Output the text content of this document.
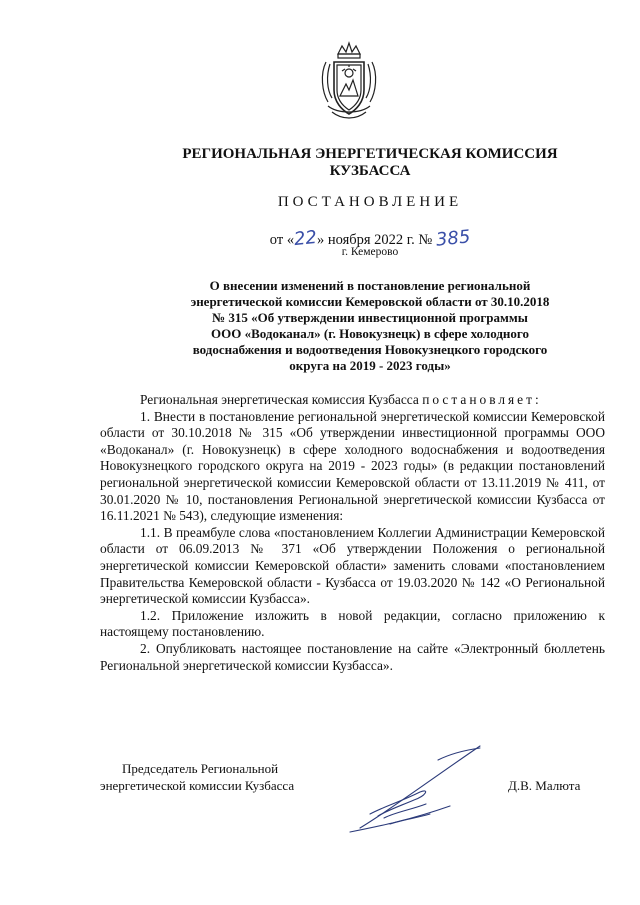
РЕГИОНАЛЬНАЯ ЭНЕРГЕТИЧЕСКАЯ КОМИССИЯ
КУЗБАССА
ПОСТАНОВЛЕНИЕ
от «22» ноября 2022 г. № 385
г. Кемерово
О внесении изменений в постановление региональной
энергетической комиссии Кемеровской области от 30.10.2018
№ 315 «Об утверждении инвестиционной программы
ООО «Водоканал» (г. Новокузнецк) в сфере холодного
водоснабжения и водоотведения Новокузнецкого городского
округа на 2019 - 2023 годы»

Региональная энергетическая комиссия Кузбасса постановляет:

1. Внести в постановление региональной энергетической комиссии Кемеровской области от 30.10.2018 № 315 «Об утверждении инвестиционной программы ООО «Водоканал» (г. Новокузнецк) в сфере холодного водоснабжения и водоотведения Новокузнецкого городского округа на 2019 - 2023 годы» (в редакции постановлений региональной энергетической комиссии Кемеровской области от 13.11.2019 № 411, от 30.01.2020 № 10, постановления Региональной энергетической комиссии Кузбасса от 16.11.2021 № 543), следующие изменения:

1.1. В преамбуле слова «постановлением Коллегии Администрации Кемеровской области от 06.09.2013 № 371 «Об утверждении Положения о региональной энергетической комиссии Кемеровской области» заменить словами «постановлением Правительства Кемеровской области - Кузбасса от 19.03.2020 № 142 «О Региональной энергетической комиссии Кузбасса».

1.2. Приложение изложить в новой редакции, согласно приложению к настоящему постановлению.

2. Опубликовать настоящее постановление на сайте «Электронный бюллетень Региональной энергетической комиссии Кузбасса».

Председатель Региональной
энергетической комиссии Кузбасса	Д.В. Малюта
